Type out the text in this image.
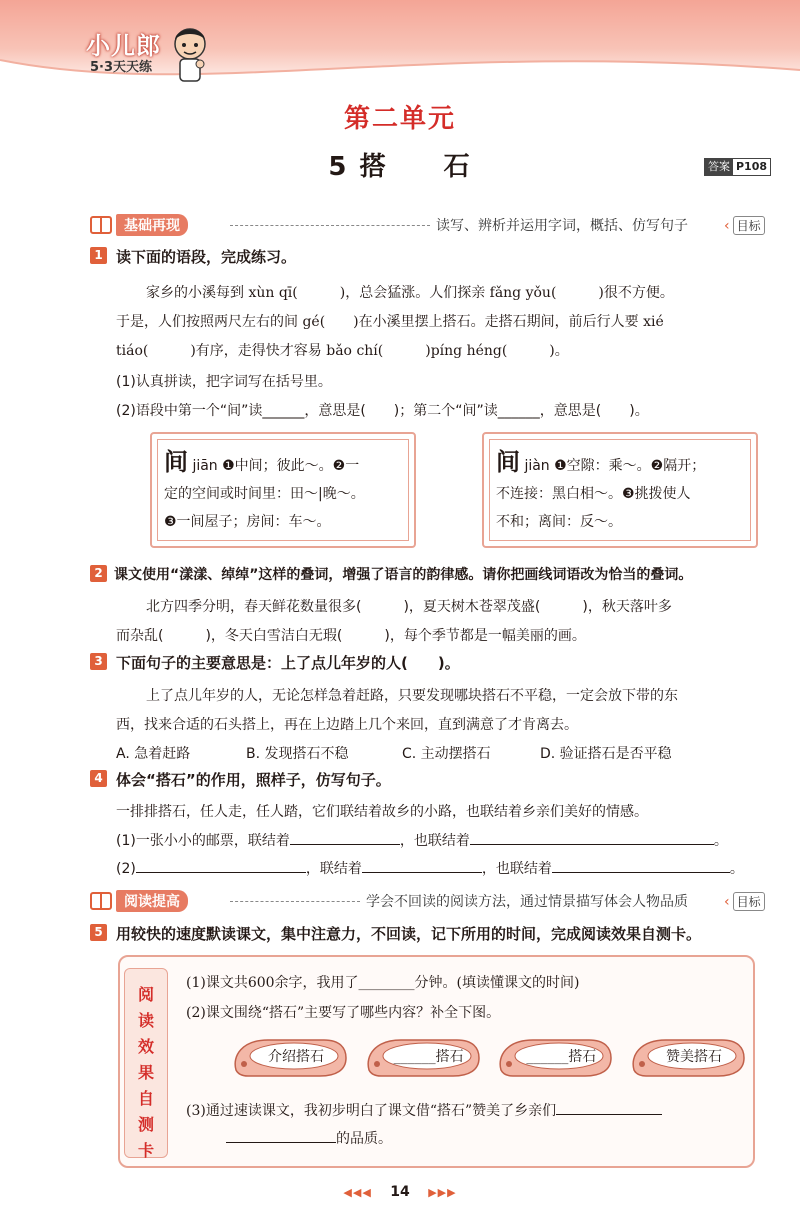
小儿郎
5·3天天练
第二单元
5 搭　　石	答案 P108
基础再现	读写、辨析并运用字词，概括、仿写句子	‹ 目标
1 读下面的语段，完成练习。
家乡的小溪每到 xùn qī(　　　)，总会猛涨。人们探亲 fǎng yǒu(　　　)很不方便。
于是，人们按照两尺左右的间 gé(　　)在小溪里摆上搭石。走搭石期间，前后行人要 xié
tiáo(　　　)有序，走得快才容易 bǎo chí(　　　)píng héng(　　　)。
(1)认真拼读，把字词写在括号里。
(2)语段中第一个“间”读______，意思是(　　)；第二个“间”读______，意思是(　　)。
间 jiān ❶中间；彼此～。❷一
定的空间或时间里：田～|晚～。
❸一间屋子；房间：车～。
间 jiàn ❶空隙：乘～。❷隔开；
不连接：黑白相～。❸挑拨使人
不和；离间：反～。
2 课文使用“漾漾、绰绰”这样的叠词，增强了语言的韵律感。请你把画线词语改为恰当的叠词。
北方四季分明，春天鲜花数量很多(　　　)，夏天树木苍翠茂盛(　　　)，秋天落叶多
而杂乱(　　　)，冬天白雪洁白无瑕(　　　)，每个季节都是一幅美丽的画。
3 下面句子的主要意思是：上了点儿年岁的人(　　)。
上了点儿年岁的人，无论怎样急着赶路，只要发现哪块搭石不平稳，一定会放下带的东
西，找来合适的石头搭上，再在上边踏上几个来回，直到满意了才肯离去。
A. 急着赶路	B. 发现搭石不稳	C. 主动摆搭石	D. 验证搭石是否平稳
4 体会“搭石”的作用，照样子，仿写句子。
一排排搭石，任人走，任人踏，它们联结着故乡的小路，也联结着乡亲们美好的情感。
(1)一张小小的邮票，联结着	，也联结着	。
(2)	，联结着	，也联结着	。
阅读提高	学会不回读的阅读方法，通过情景描写体会人物品质	‹ 目标
5 用较快的速度默读课文，集中注意力，不回读，记下所用的时间，完成阅读效果自测卡。
阅
读
效
果
自
测
卡
(1)课文共600余字，我用了________分钟。(填读懂课文的时间)
(2)课文围绕“搭石”主要写了哪些内容？补全下图。
介绍搭石	______搭石	______搭石	赞美搭石
(3)通过速读课文，我初步明白了课文借“搭石”赞美了乡亲们
的品质。
◀◀◀ 14 ▶▶▶
